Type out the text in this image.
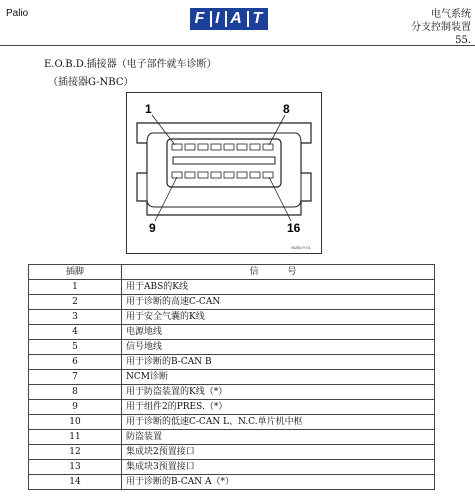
Palio	F I A T	电气系统
分支控制装置
55.
E.O.B.D.插接器（电子部件就车诊断）
（插接器G-NBC）
1	8
9	16
98/B5/Y/01
插脚	信　号
1	用于ABS的K线
2	用于诊断的高速C-CAN
3	用于安全气囊的K线
4	电源地线
5	信号地线
6	用于诊断的B-CAN B
7	NCM诊断
8	用于防盗装置的K线（*）
9	用于组件2的PRES.（*）
10	用于诊断的低速C-CAN L、N.C.单片机中枢
11	防盗装置
12	集成块2预置接口
13	集成块3预置接口
14	用于诊断的B-CAN A（*）
